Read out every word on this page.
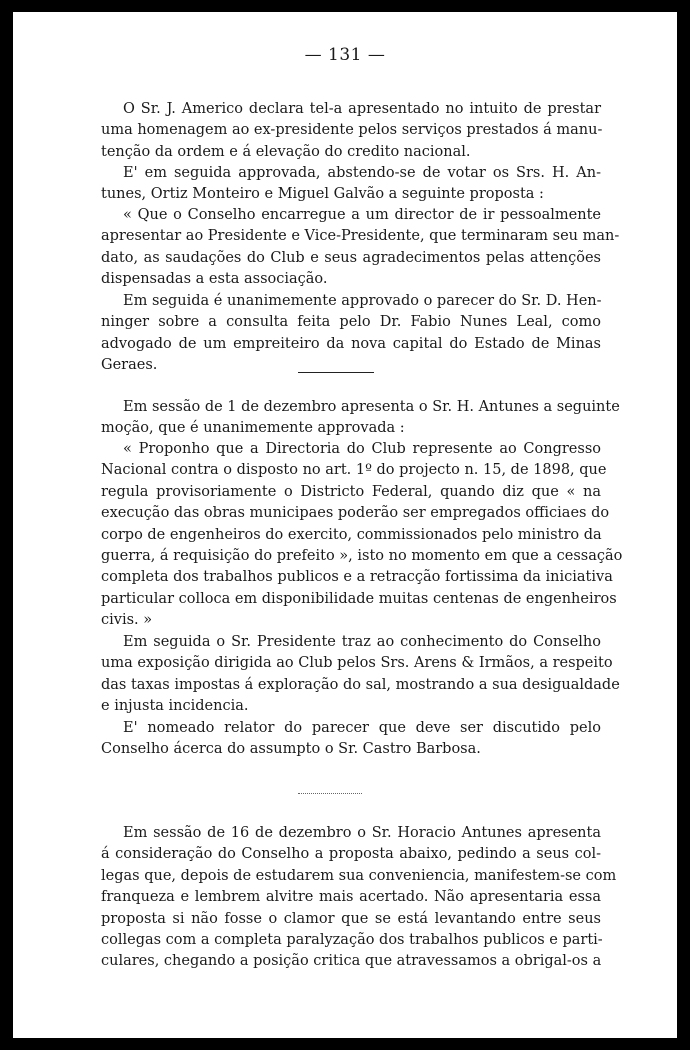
— 131 —
O Sr. J. Americo declara tel-a apresentado no intuito de prestar
uma homenagem ao ex-presidente pelos serviços prestados á manu-
tenção da ordem e á elevação do credito nacional.
E' em seguida approvada, abstendo-se de votar os Srs. H. An-
tunes, Ortiz Monteiro e Miguel Galvão a seguinte proposta :
« Que o Conselho encarregue a um director de ir pessoalmente
apresentar ao Presidente e Vice-Presidente, que terminaram seu man-
dato, as saudações do Club e seus agradecimentos pelas attenções
dispensadas a esta associação.
Em seguida é unanimemente approvado o parecer do Sr. D. Hen-
ninger sobre a consulta feita pelo Dr. Fabio Nunes Leal, como
advogado de um empreiteiro da nova capital do Estado de Minas
Geraes.
Em sessão de 1 de dezembro apresenta o Sr. H. Antunes a seguinte
moção, que é unanimemente approvada :
« Proponho que a Directoria do Club represente ao Congresso
Nacional contra o disposto no art. 1º do projecto n. 15, de 1898, que
regula provisoriamente o Districto Federal, quando diz que « na
execução das obras municipaes poderão ser empregados officiaes do
corpo de engenheiros do exercito, commissionados pelo ministro da
guerra, á requisição do prefeito », isto no momento em que a cessação
completa dos trabalhos publicos e a retracção fortissima da iniciativa
particular colloca em disponibilidade muitas centenas de engenheiros
civis. »
Em seguida o Sr. Presidente traz ao conhecimento do Conselho
uma exposição dirigida ao Club pelos Srs. Arens & Irmãos, a respeito
das taxas impostas á exploração do sal, mostrando a sua desigualdade
e injusta incidencia.
E' nomeado relator do parecer que deve ser discutido pelo
Conselho ácerca do assumpto o Sr. Castro Barbosa.
Em sessão de 16 de dezembro o Sr. Horacio Antunes apresenta
á consideração do Conselho a proposta abaixo, pedindo a seus col-
legas que, depois de estudarem sua conveniencia, manifestem-se com
franqueza e lembrem alvitre mais acertado. Não apresentaria essa
proposta si não fosse o clamor que se está levantando entre seus
collegas com a completa paralyzação dos trabalhos publicos e parti-
culares, chegando a posição critica que atravessamos a obrigal-os a
